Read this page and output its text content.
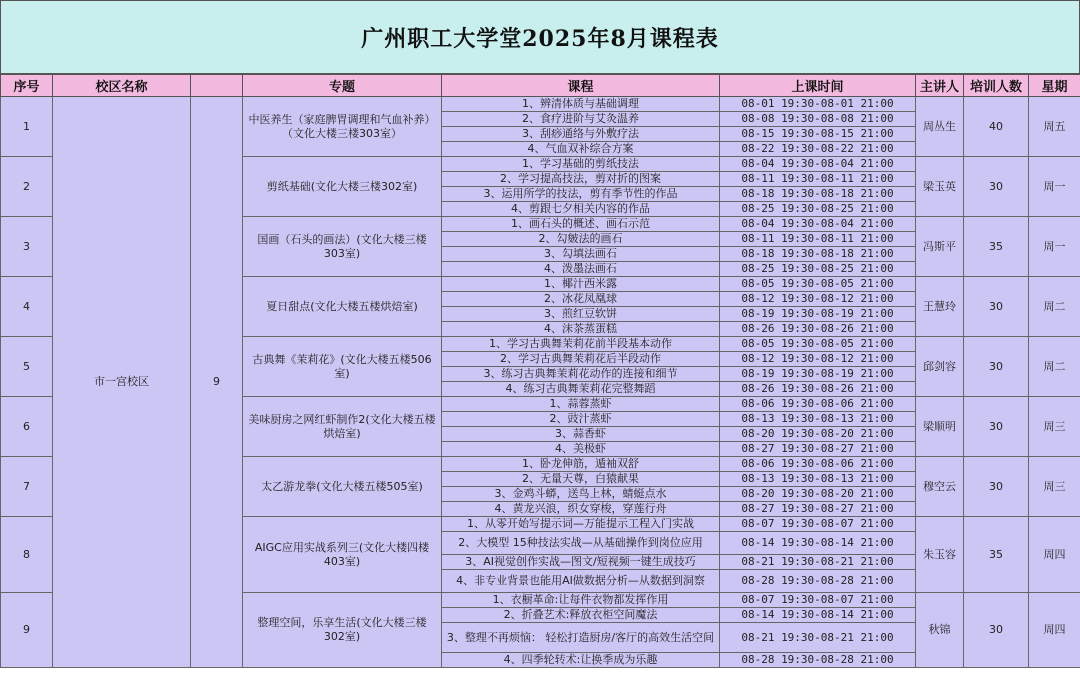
广州职工大学堂2025年8月课程表
序号	校区名称		专题	课程	上课时间	主讲人	培训人数	星期
1	市一宫校区	9	中医养生（家庭脾胃调理和气血补养）（文化大楼三楼303室）	1、辨清体质与基础调理	08-01 19:30-08-01 21:00	周丛生	40	周五
				2、食疗进阶与艾灸温养	08-08 19:30-08-08 21:00			
				3、刮痧通络与外敷疗法	08-15 19:30-08-15 21:00			
				4、气血双补综合方案	08-22 19:30-08-22 21:00			
2			剪纸基础(文化大楼三楼302室)	1、学习基础的剪纸技法	08-04 19:30-08-04 21:00	梁玉英	30	周一
				2、学习提高技法，剪对折的图案	08-11 19:30-08-11 21:00			
				3、运用所学的技法，剪有季节性的作品	08-18 19:30-08-18 21:00			
				4、剪跟七夕相关内容的作品	08-25 19:30-08-25 21:00			
3			国画（石头的画法）(文化大楼三楼303室)	1、画石头的概述、画石示范	08-04 19:30-08-04 21:00	冯斯平	35	周一
				2、勾皴法的画石	08-11 19:30-08-11 21:00			
				3、勾填法画石	08-18 19:30-08-18 21:00			
				4、泼墨法画石	08-25 19:30-08-25 21:00			
4			夏日甜点(文化大楼五楼烘焙室)	1、椰汁西米露	08-05 19:30-08-05 21:00	王慧玲	30	周二
				2、冰花凤凰球	08-12 19:30-08-12 21:00			
				3、煎红豆软饼	08-19 19:30-08-19 21:00			
				4、沫茶蒸蛋糕	08-26 19:30-08-26 21:00			
5			古典舞《茉莉花》(文化大楼五楼506室)	1、学习古典舞茉莉花前半段基本动作	08-05 19:30-08-05 21:00	邱剑容	30	周二
				2、学习古典舞茉莉花后半段动作	08-12 19:30-08-12 21:00			
				3、练习古典舞茉莉花动作的连接和细节	08-19 19:30-08-19 21:00			
				4、练习古典舞茉莉花完整舞蹈	08-26 19:30-08-26 21:00			
6			美味厨房之网红虾制作2(文化大楼五楼烘焙室)	1、蒜蓉蒸虾	08-06 19:30-08-06 21:00	梁顺明	30	周三
				2、豉汁蒸虾	08-13 19:30-08-13 21:00			
				3、蒜香虾	08-20 19:30-08-20 21:00			
				4、美极虾	08-27 19:30-08-27 21:00			
7			太乙游龙拳(文化大楼五楼505室)	1、卧龙伸筋，遁袖双舒	08-06 19:30-08-06 21:00	穆空云	30	周三
				2、无量天尊，白猿献果	08-13 19:30-08-13 21:00			
				3、金鸡斗蟒，送鸟上林，蜻蜓点水	08-20 19:30-08-20 21:00			
				4、黄龙兴浪，织女穿梭，穿莲行舟	08-27 19:30-08-27 21:00			
8			AIGC应用实战系列三(文化大楼四楼403室)	1、从零开始写提示词—万能提示工程入门实战	08-07 19:30-08-07 21:00	朱玉容	35	周四
				2、大模型 15种技法实战—从基础操作到岗位应用	08-14 19:30-08-14 21:00			
				3、AI视觉创作实战—图文/短视频一键生成技巧	08-21 19:30-08-21 21:00			
				4、非专业背景也能用AI做数据分析—从数据到洞察	08-28 19:30-08-28 21:00			
9			整理空间，乐享生活(文化大楼三楼302室)	1、衣橱革命:让每件衣物都发挥作用	08-07 19:30-08-07 21:00	秋锦	30	周四
				2、折叠艺术:释放衣柜空间魔法	08-14 19:30-08-14 21:00			
				3、整理不再烦恼： 轻松打造厨房/客厅的高效生活空间	08-21 19:30-08-21 21:00			
				4、四季轮转术:让换季成为乐趣	08-28 19:30-08-28 21:00			
